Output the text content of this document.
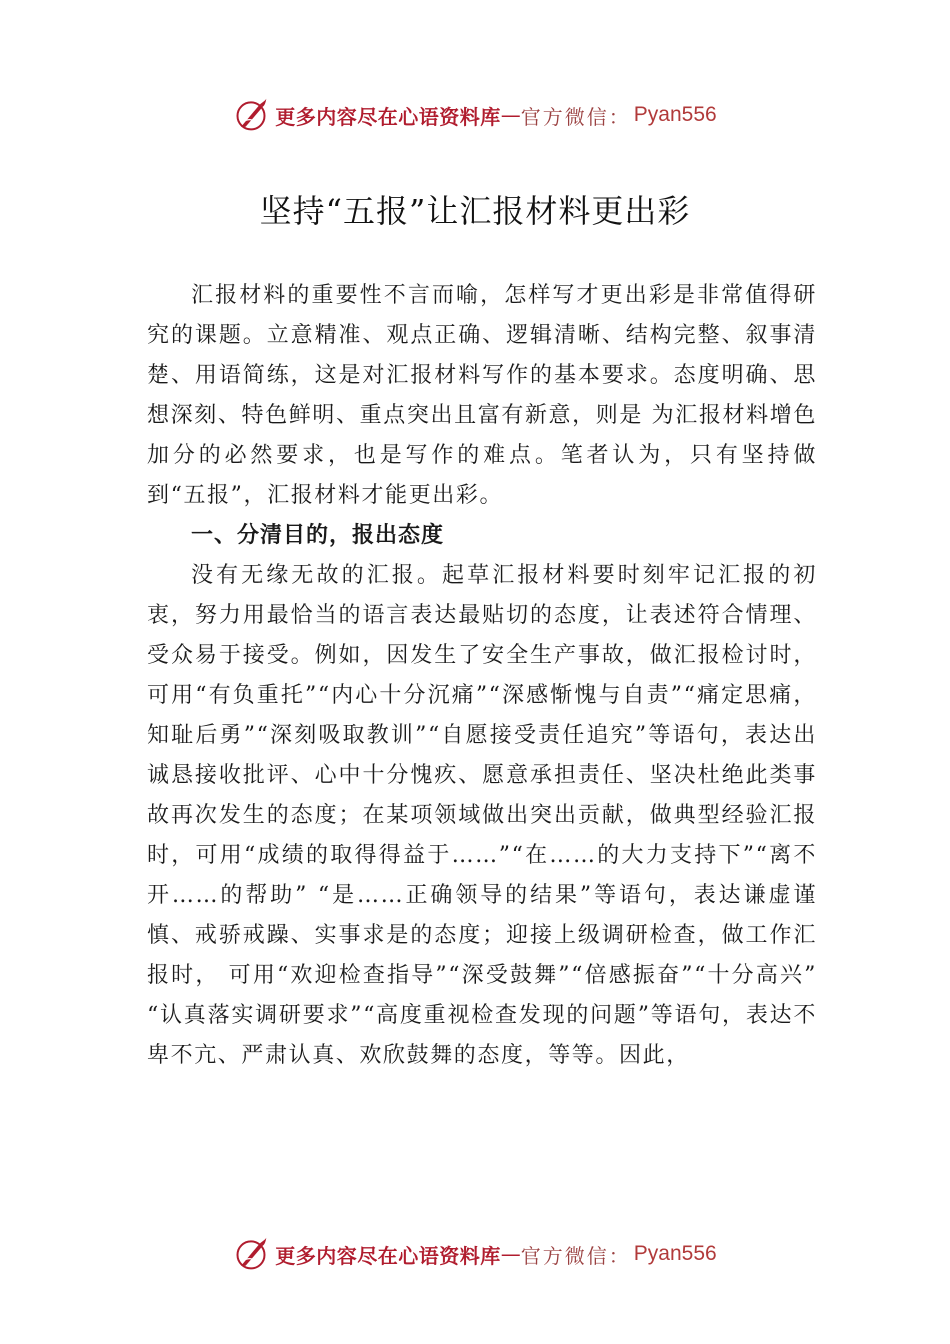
更多内容尽在心语资料库 — 官方微信： Pyan556
坚持“五报”让汇报材料更出彩

汇报材料的重要性不言而喻，怎样写才更出彩是非常值得研究的课题。立意精准、观点正确、逻辑清晰、结构完整、叙事清楚、用语简练，这是对汇报材料写作的基本要求。态度明确、思想深刻、特色鲜明、重点突出且富有新意，则是 为汇报材料增色加分的必然要求，也是写作的难点。笔者认为，只有坚持做到“五报”，汇报材料才能更出彩。

一、分清目的，报出态度

没有无缘无故的汇报。起草汇报材料要时刻牢记汇报的初衷，努力用最恰当的语言表达最贴切的态度，让表述符合情理、受众易于接受。例如，因发生了安全生产事故，做汇报检讨时，可用“有负重托”“内心十分沉痛”“深感惭愧与自责”“痛定思痛，知耻后勇”“深刻吸取教训”“自愿接受责任追究”等语句，表达出诚恳接收批评、心中十分愧疚、愿意承担责任、坚决杜绝此类事故再次发生的态度；在某项领域做出突出贡献，做典型经验汇报时，可用“成绩的取得得益于……”“在……的大力支持下”“离不开……的帮助” “是……正确领导的结果”等语句，表达谦虚谨慎、戒骄戒躁、实事求是的态度；迎接上级调研检查，做工作汇报时， 可用“欢迎检查指导”“深受鼓舞”“倍感振奋”“十分高兴” “认真落实调研要求”“高度重视检查发现的问题”等语句，表达不卑不亢、严肃认真、欢欣鼓舞的态度，等等。因此，

更多内容尽在心语资料库 — 官方微信： Pyan556
